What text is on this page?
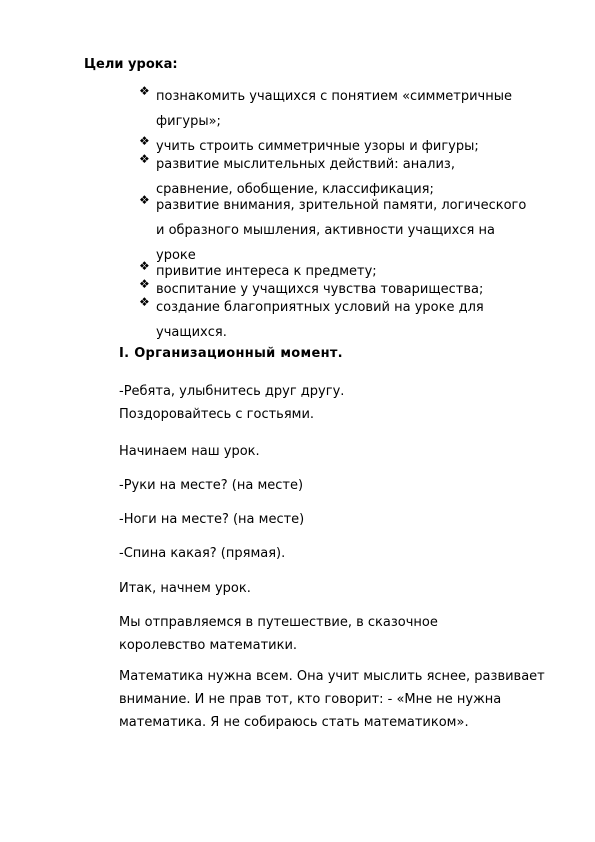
Цели урока:
❖ познакомить учащихся с понятием «симметричные фигуры»;
❖ учить строить симметричные узоры и фигуры;
❖ развитие мыслительных действий: анализ, сравнение, обобщение, классификация;
❖ развитие внимания, зрительной памяти, логического и образного мышления, активности учащихся на уроке
❖ привитие интереса к предмету;
❖ воспитание у учащихся чувства товарищества;
❖ создание благоприятных условий на уроке для учащихся.
I. Организационный момент.
-Ребята, улыбнитесь друг другу. Поздоровайтесь с гостьями.
Начинаем наш урок.
-Руки на месте? (на месте)
-Ноги на месте? (на месте)
-Спина какая? (прямая).
Итак, начнем урок.
Мы отправляемся в путешествие, в сказочное королевство математики.
Математика нужна всем. Она учит мыслить яснее, развивает внимание. И не прав тот, кто говорит: - «Мне не нужна математика. Я не собираюсь стать математиком».
